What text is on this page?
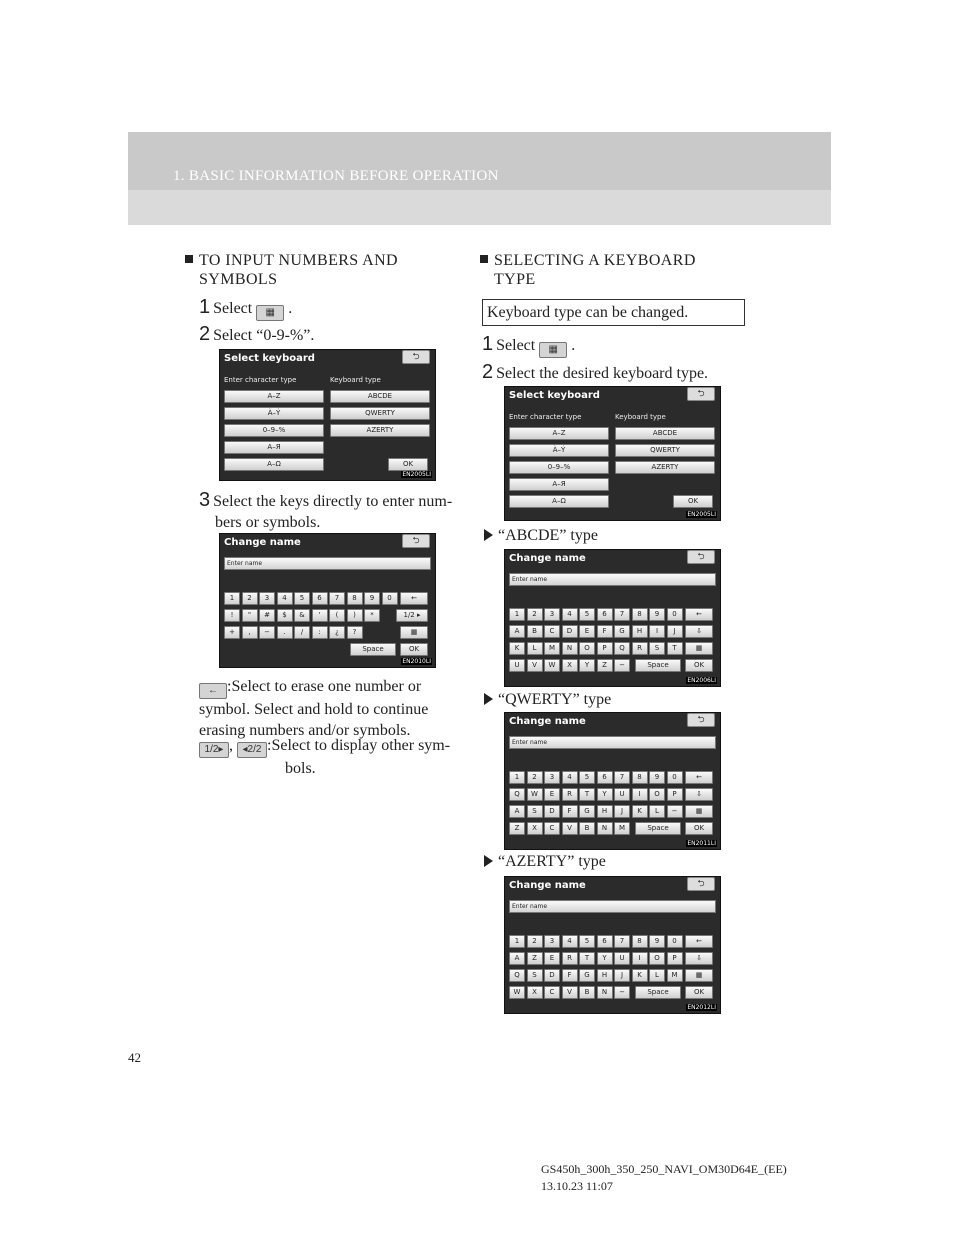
1. BASIC INFORMATION BEFORE OPERATION
TO INPUT NUMBERS AND
SYMBOLS
1 Select ▦ .
2 Select “0-9-%”.
Select keyboard	⮌
Enter character type	Keyboard type
A–Z
À–Ý
0–9–%
А–Я
Α–Ω
ABCDE
QWERTY
AZERTY
OK
EN2005LI
3 Select the keys directly to enter num-
bers or symbols.
Change name	⮌
Enter name
1	2	3	4	5	6	7	8	9	0
!	"	#	$	&	'	(	)	*
+	,	−	.	/	:	¿	?
←
1/2 ▸
▦
Space	OK
EN2010LI
← :Select to erase one number or
symbol. Select and hold to continue
erasing numbers and/or symbols.
1/2▸ , ◂2/2 :Select to display other sym-
bols.
SELECTING A KEYBOARD
TYPE
Keyboard type can be changed.
1 Select ▦ .
2 Select the desired keyboard type.
Select keyboard	⮌
Enter character type	Keyboard type
A–Z
À–Ý
0–9–%
А–Я
Α–Ω
ABCDE
QWERTY
AZERTY
OK
EN2005LI
“ABCDE” type
Change name	⮌
Enter name
1	2	3	4	5	6	7	8	9	0
A	B	C	D	E	F	G	H	I	J
K	L	M	N	O	P	Q	R	S	T
U	V	W	X	Y	Z	−
←
⇩
▦
Space	OK
EN2006LI
“QWERTY” type
Change name	⮌
Enter name
1	2	3	4	5	6	7	8	9	0
Q	W	E	R	T	Y	U	I	O	P
A	S	D	F	G	H	J	K	L	−
Z	X	C	V	B	N	M
←
⇩
▦
Space	OK
EN2011LI
“AZERTY” type
Change name	⮌
Enter name
1	2	3	4	5	6	7	8	9	0
A	Z	E	R	T	Y	U	I	O	P
Q	S	D	F	G	H	J	K	L	M
W	X	C	V	B	N	−
←
⇩
▦
Space	OK
EN2012LI
42
GS450h_300h_350_250_NAVI_OM30D64E_(EE)
13.10.23 11:07
